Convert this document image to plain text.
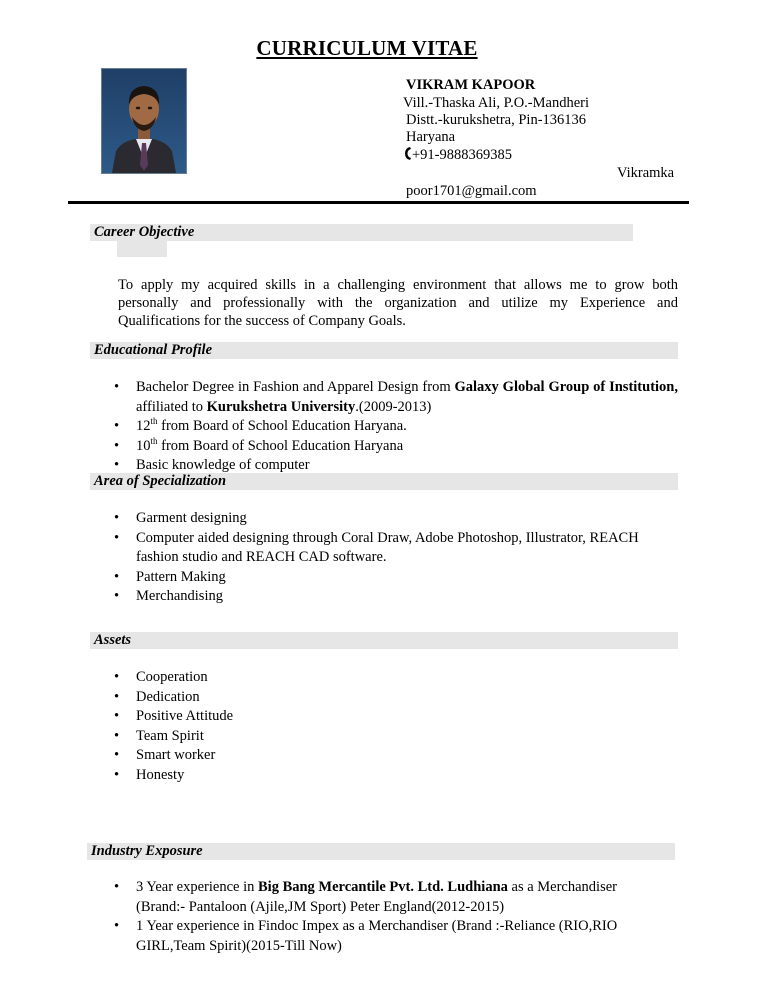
CURRICULUM VITAE
VIKRAM KAPOOR
Vill.-Thaska Ali, P.O.-Mandheri
Distt.-kurukshetra, Pin-136136
Haryana
+91-9888369385
Vikramka
poor1701@gmail.com
Career Objective
To apply my acquired skills in a challenging environment that allows me to grow both personally and professionally with the organization and utilize my Experience and Qualifications for the success of Company Goals.
Educational Profile
• Bachelor Degree in Fashion and Apparel Design from Galaxy Global Group of Institution, affiliated to Kurukshetra University.(2009-2013)
• 12th from Board of School Education Haryana.
• 10th from Board of School Education Haryana
• Basic knowledge of computer
Area of Specialization
• Garment designing
• Computer aided designing through Coral Draw, Adobe Photoshop, Illustrator, REACH fashion studio and REACH CAD software.
• Pattern Making
• Merchandising
Assets
• Cooperation
• Dedication
• Positive Attitude
• Team Spirit
• Smart worker
• Honesty
Industry Exposure
• 3 Year experience in Big Bang Mercantile Pvt. Ltd. Ludhiana as a Merchandiser (Brand:- Pantaloon (Ajile,JM Sport) Peter England(2012-2015)
• 1 Year experience in Findoc Impex as a Merchandiser (Brand :-Reliance (RIO,RIO GIRL,Team Spirit)(2015-Till Now)
